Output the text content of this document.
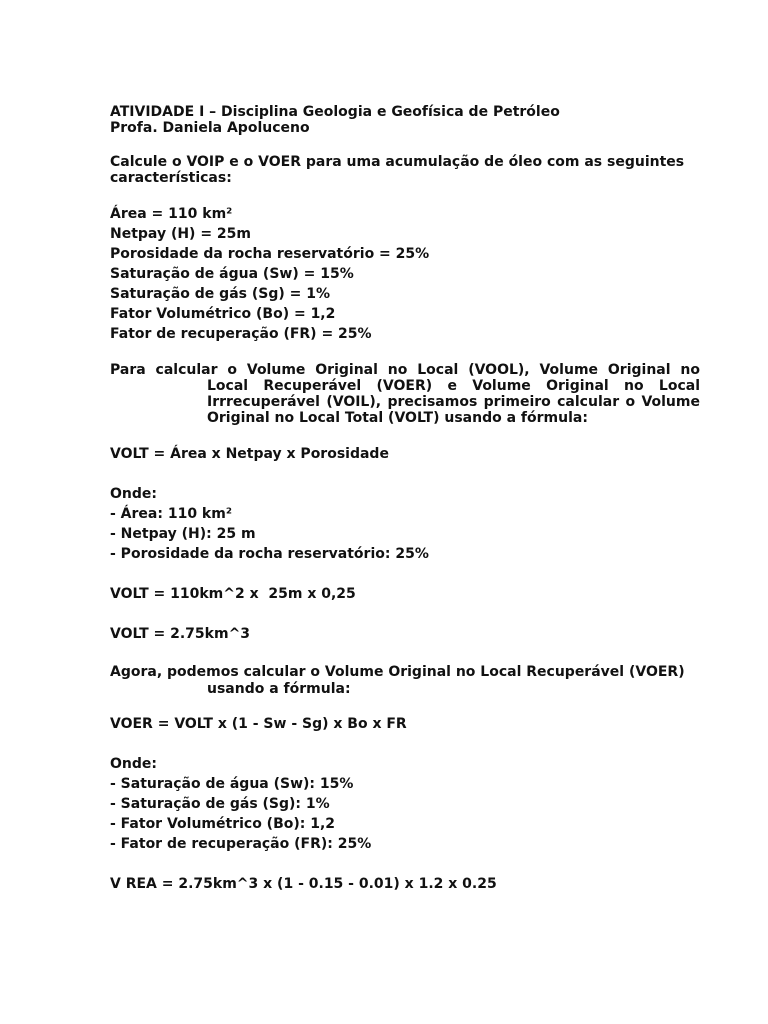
ATIVIDADE I – Disciplina Geologia e Geofísica de Petróleo
Profa. Daniela Apoluceno
Calcule o VOIP e o VOER para uma acumulação de óleo com as seguintes
características:
Área = 110 km²
Netpay (H) = 25m
Porosidade da rocha reservatório = 25%
Saturação de água (Sw) = 15%
Saturação de gás (Sg) = 1%
Fator Volumétrico (Bo) = 1,2
Fator de recuperação (FR) = 25%
Para calcular o Volume Original no Local (VOOL), Volume Original no
Local Recuperável (VOER) e Volume Original no Local Irrrecuperável (VOIL), precisamos primeiro calcular o Volume Original no Local Total (VOLT) usando a fórmula:
VOLT = Área x Netpay x Porosidade
Onde:
- Área: 110 km²
- Netpay (H): 25 m
- Porosidade da rocha reservatório: 25%
VOLT = 110km^2 x  25m x 0,25
VOLT = 2.75km^3
Agora, podemos calcular o Volume Original no Local Recuperável (VOER)
usando a fórmula:
VOER = VOLT x (1 - Sw - Sg) x Bo x FR
Onde:
- Saturação de água (Sw): 15%
- Saturação de gás (Sg): 1%
- Fator Volumétrico (Bo): 1,2
- Fator de recuperação (FR): 25%
V REA = 2.75km^3 x (1 - 0.15 - 0.01) x 1.2 x 0.25
